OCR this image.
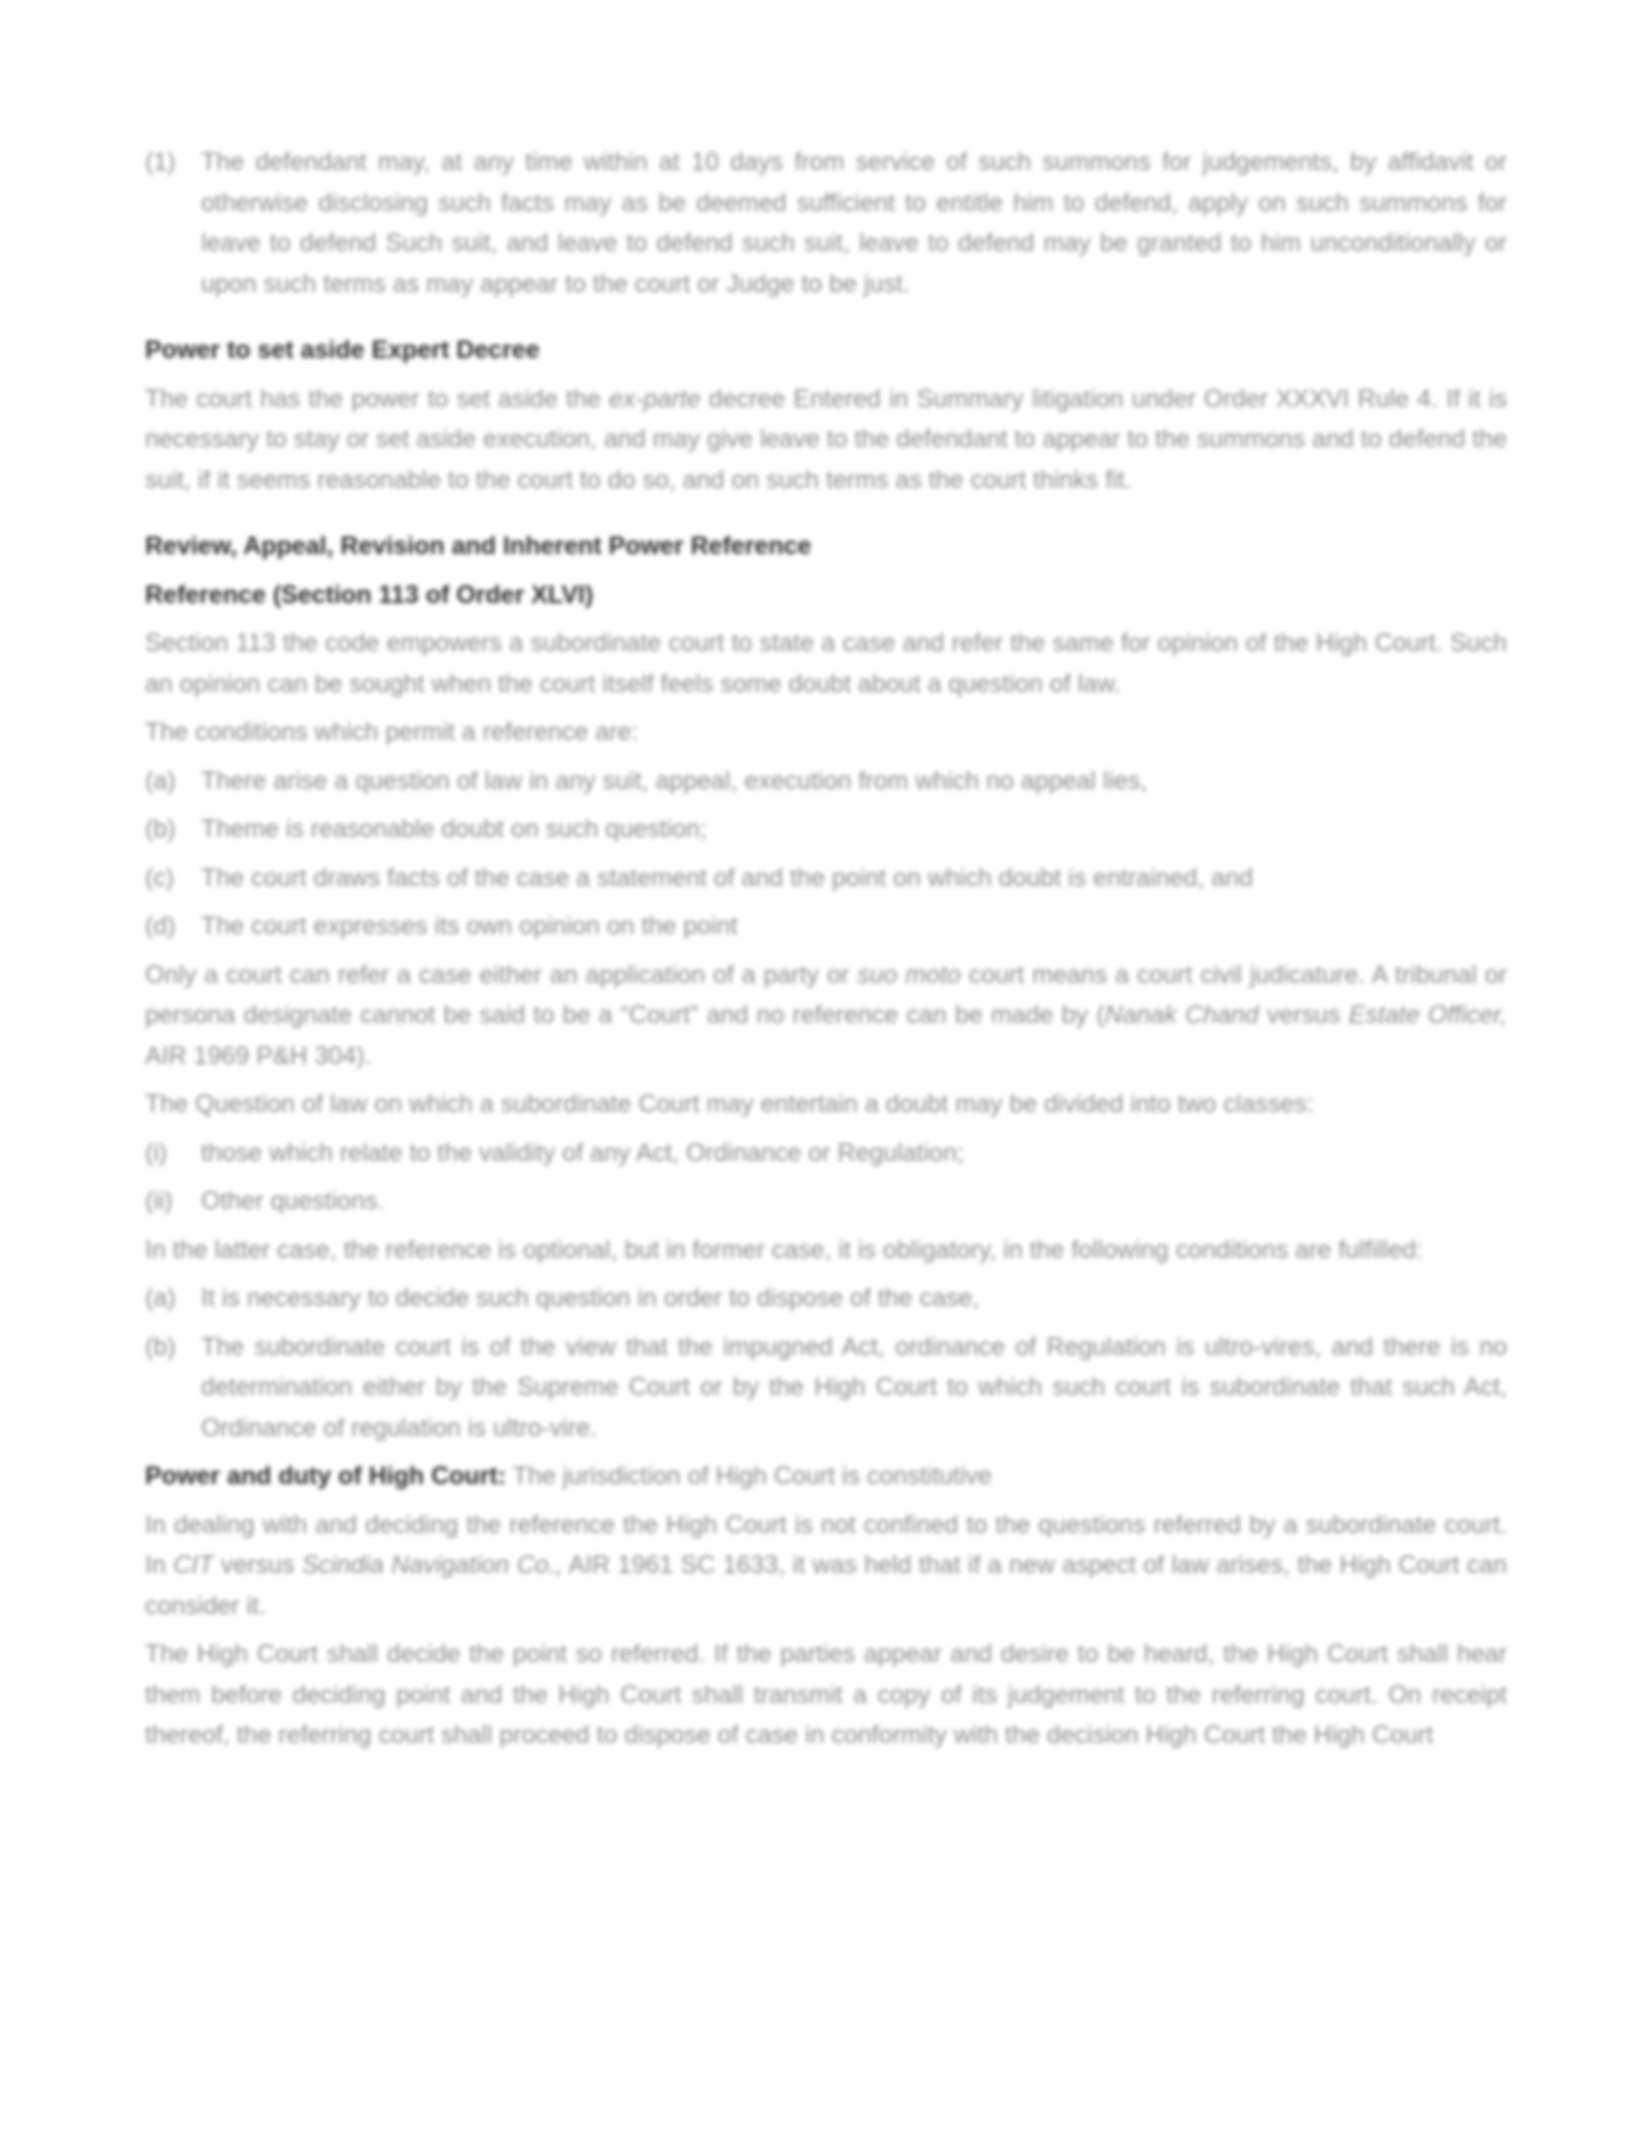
(1)	The defendant may, at any time within at 10 days from service of such summons for judgements, by affidavit or otherwise disclosing such facts may as be deemed sufficient to entitle him to defend, apply on such summons for leave to defend Such suit, and leave to defend such suit, leave to defend may be granted to him unconditionally or upon such terms as may appear to the court or Judge to be just.
Power to set aside Expert Decree

The court has the power to set aside the ex-parte decree Entered in Summary litigation under Order XXXVI Rule 4. If it is necessary to stay or set aside execution, and may give leave to the defendant to appear to the summons and to defend the suit, if it seems reasonable to the court to do so, and on such terms as the court thinks fit.

Review, Appeal, Revision and Inherent Power Reference
Reference (Section 113 of Order XLVI)

Section 113 the code empowers a subordinate court to state a case and refer the same for opinion of the High Court. Such an opinion can be sought when the court itself feels some doubt about a question of law.

The conditions which permit a reference are:

(a)	There arise a question of law in any suit, appeal, execution from which no appeal lies,
(b)	Theme is reasonable doubt on such question;
(c)	The court draws facts of the case a statement of and the point on which doubt is entrained, and
(d)	The court expresses its own opinion on the point

Only a court can refer a case either an application of a party or suo moto court means a court civil judicature. A tribunal or persona designate cannot be said to be a “Court” and no reference can be made by (Nanak Chand versus Estate Officer, AIR 1969 P&H 304).

The Question of law on which a subordinate Court may entertain a doubt may be divided into two classes:

(i)	those which relate to the validity of any Act, Ordinance or Regulation;
(ii)	Other questions.

In the latter case, the reference is optional, but in former case, it is obligatory, in the following conditions are fulfilled:

(a)	It is necessary to decide such question in order to dispose of the case,
(b)	The subordinate court is of the view that the impugned Act, ordinance of Regulation is ultro-vires, and there is no determination either by the Supreme Court or by the High Court to which such court is subordinate that such Act, Ordinance of regulation is ultro-vire.

Power and duty of High Court: The jurisdiction of High Court is constitutive

In dealing with and deciding the reference the High Court is not confined to the questions referred by a subordinate court. In CIT versus Scindia Navigation Co., AIR 1961 SC 1633, it was held that if a new aspect of law arises, the High Court can consider it.

The High Court shall decide the point so referred. If the parties appear and desire to be heard, the High Court shall hear them before deciding point and the High Court shall transmit a copy of its judgement to the referring court. On receipt thereof, the referring court shall proceed to dispose of case in conformity with the decision High Court the High Court
